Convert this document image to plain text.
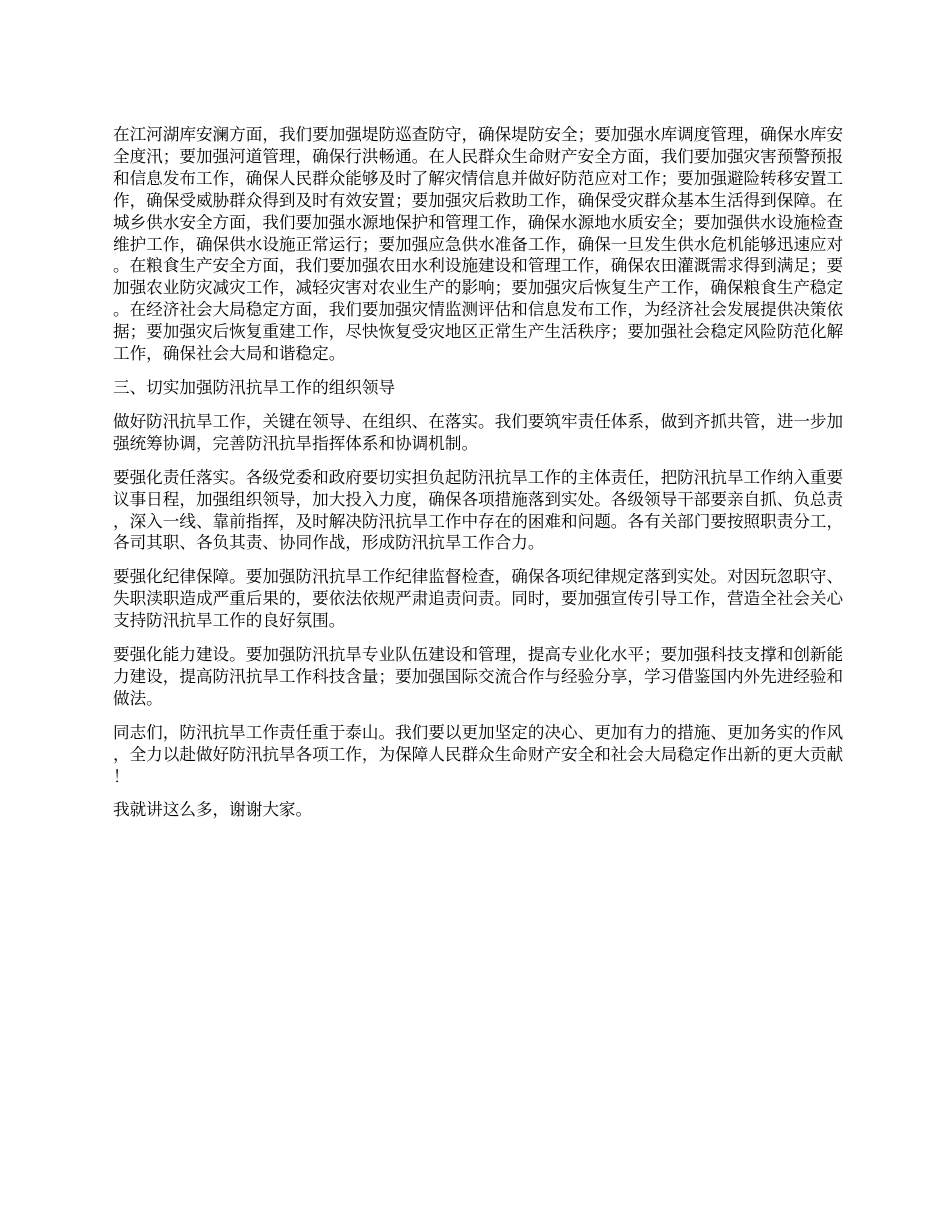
在江河湖库安澜方面，我们要加强堤防巡查防守，确保堤防安全；要加强水库调度管理，确保水库安全度汛；要加强河道管理，确保行洪畅通。在人民群众生命财产安全方面，我们要加强灾害预警预报和信息发布工作，确保人民群众能够及时了解灾情信息并做好防范应对工作；要加强避险转移安置工作，确保受威胁群众得到及时有效安置；要加强灾后救助工作，确保受灾群众基本生活得到保障。在城乡供水安全方面，我们要加强水源地保护和管理工作，确保水源地水质安全；要加强供水设施检查维护工作，确保供水设施正常运行；要加强应急供水准备工作，确保一旦发生供水危机能够迅速应对。在粮食生产安全方面，我们要加强农田水利设施建设和管理工作，确保农田灌溉需求得到满足；要加强农业防灾减灾工作，减轻灾害对农业生产的影响；要加强灾后恢复生产工作，确保粮食生产稳定。在经济社会大局稳定方面，我们要加强灾情监测评估和信息发布工作，为经济社会发展提供决策依据；要加强灾后恢复重建工作，尽快恢复受灾地区正常生产生活秩序；要加强社会稳定风险防范化解工作，确保社会大局和谐稳定。

三、切实加强防汛抗旱工作的组织领导

做好防汛抗旱工作，关键在领导、在组织、在落实。我们要筑牢责任体系，做到齐抓共管，进一步加强统筹协调，完善防汛抗旱指挥体系和协调机制。

要强化责任落实。各级党委和政府要切实担负起防汛抗旱工作的主体责任，把防汛抗旱工作纳入重要议事日程，加强组织领导，加大投入力度，确保各项措施落到实处。各级领导干部要亲自抓、负总责，深入一线、靠前指挥，及时解决防汛抗旱工作中存在的困难和问题。各有关部门要按照职责分工，各司其职、各负其责、协同作战，形成防汛抗旱工作合力。

要强化纪律保障。要加强防汛抗旱工作纪律监督检查，确保各项纪律规定落到实处。对因玩忽职守、失职渎职造成严重后果的，要依法依规严肃追责问责。同时，要加强宣传引导工作，营造全社会关心支持防汛抗旱工作的良好氛围。

要强化能力建设。要加强防汛抗旱专业队伍建设和管理，提高专业化水平；要加强科技支撑和创新能力建设，提高防汛抗旱工作科技含量；要加强国际交流合作与经验分享，学习借鉴国内外先进经验和做法。

同志们，防汛抗旱工作责任重于泰山。我们要以更加坚定的决心、更加有力的措施、更加务实的作风，全力以赴做好防汛抗旱各项工作，为保障人民群众生命财产安全和社会大局稳定作出新的更大贡献！

我就讲这么多，谢谢大家。
